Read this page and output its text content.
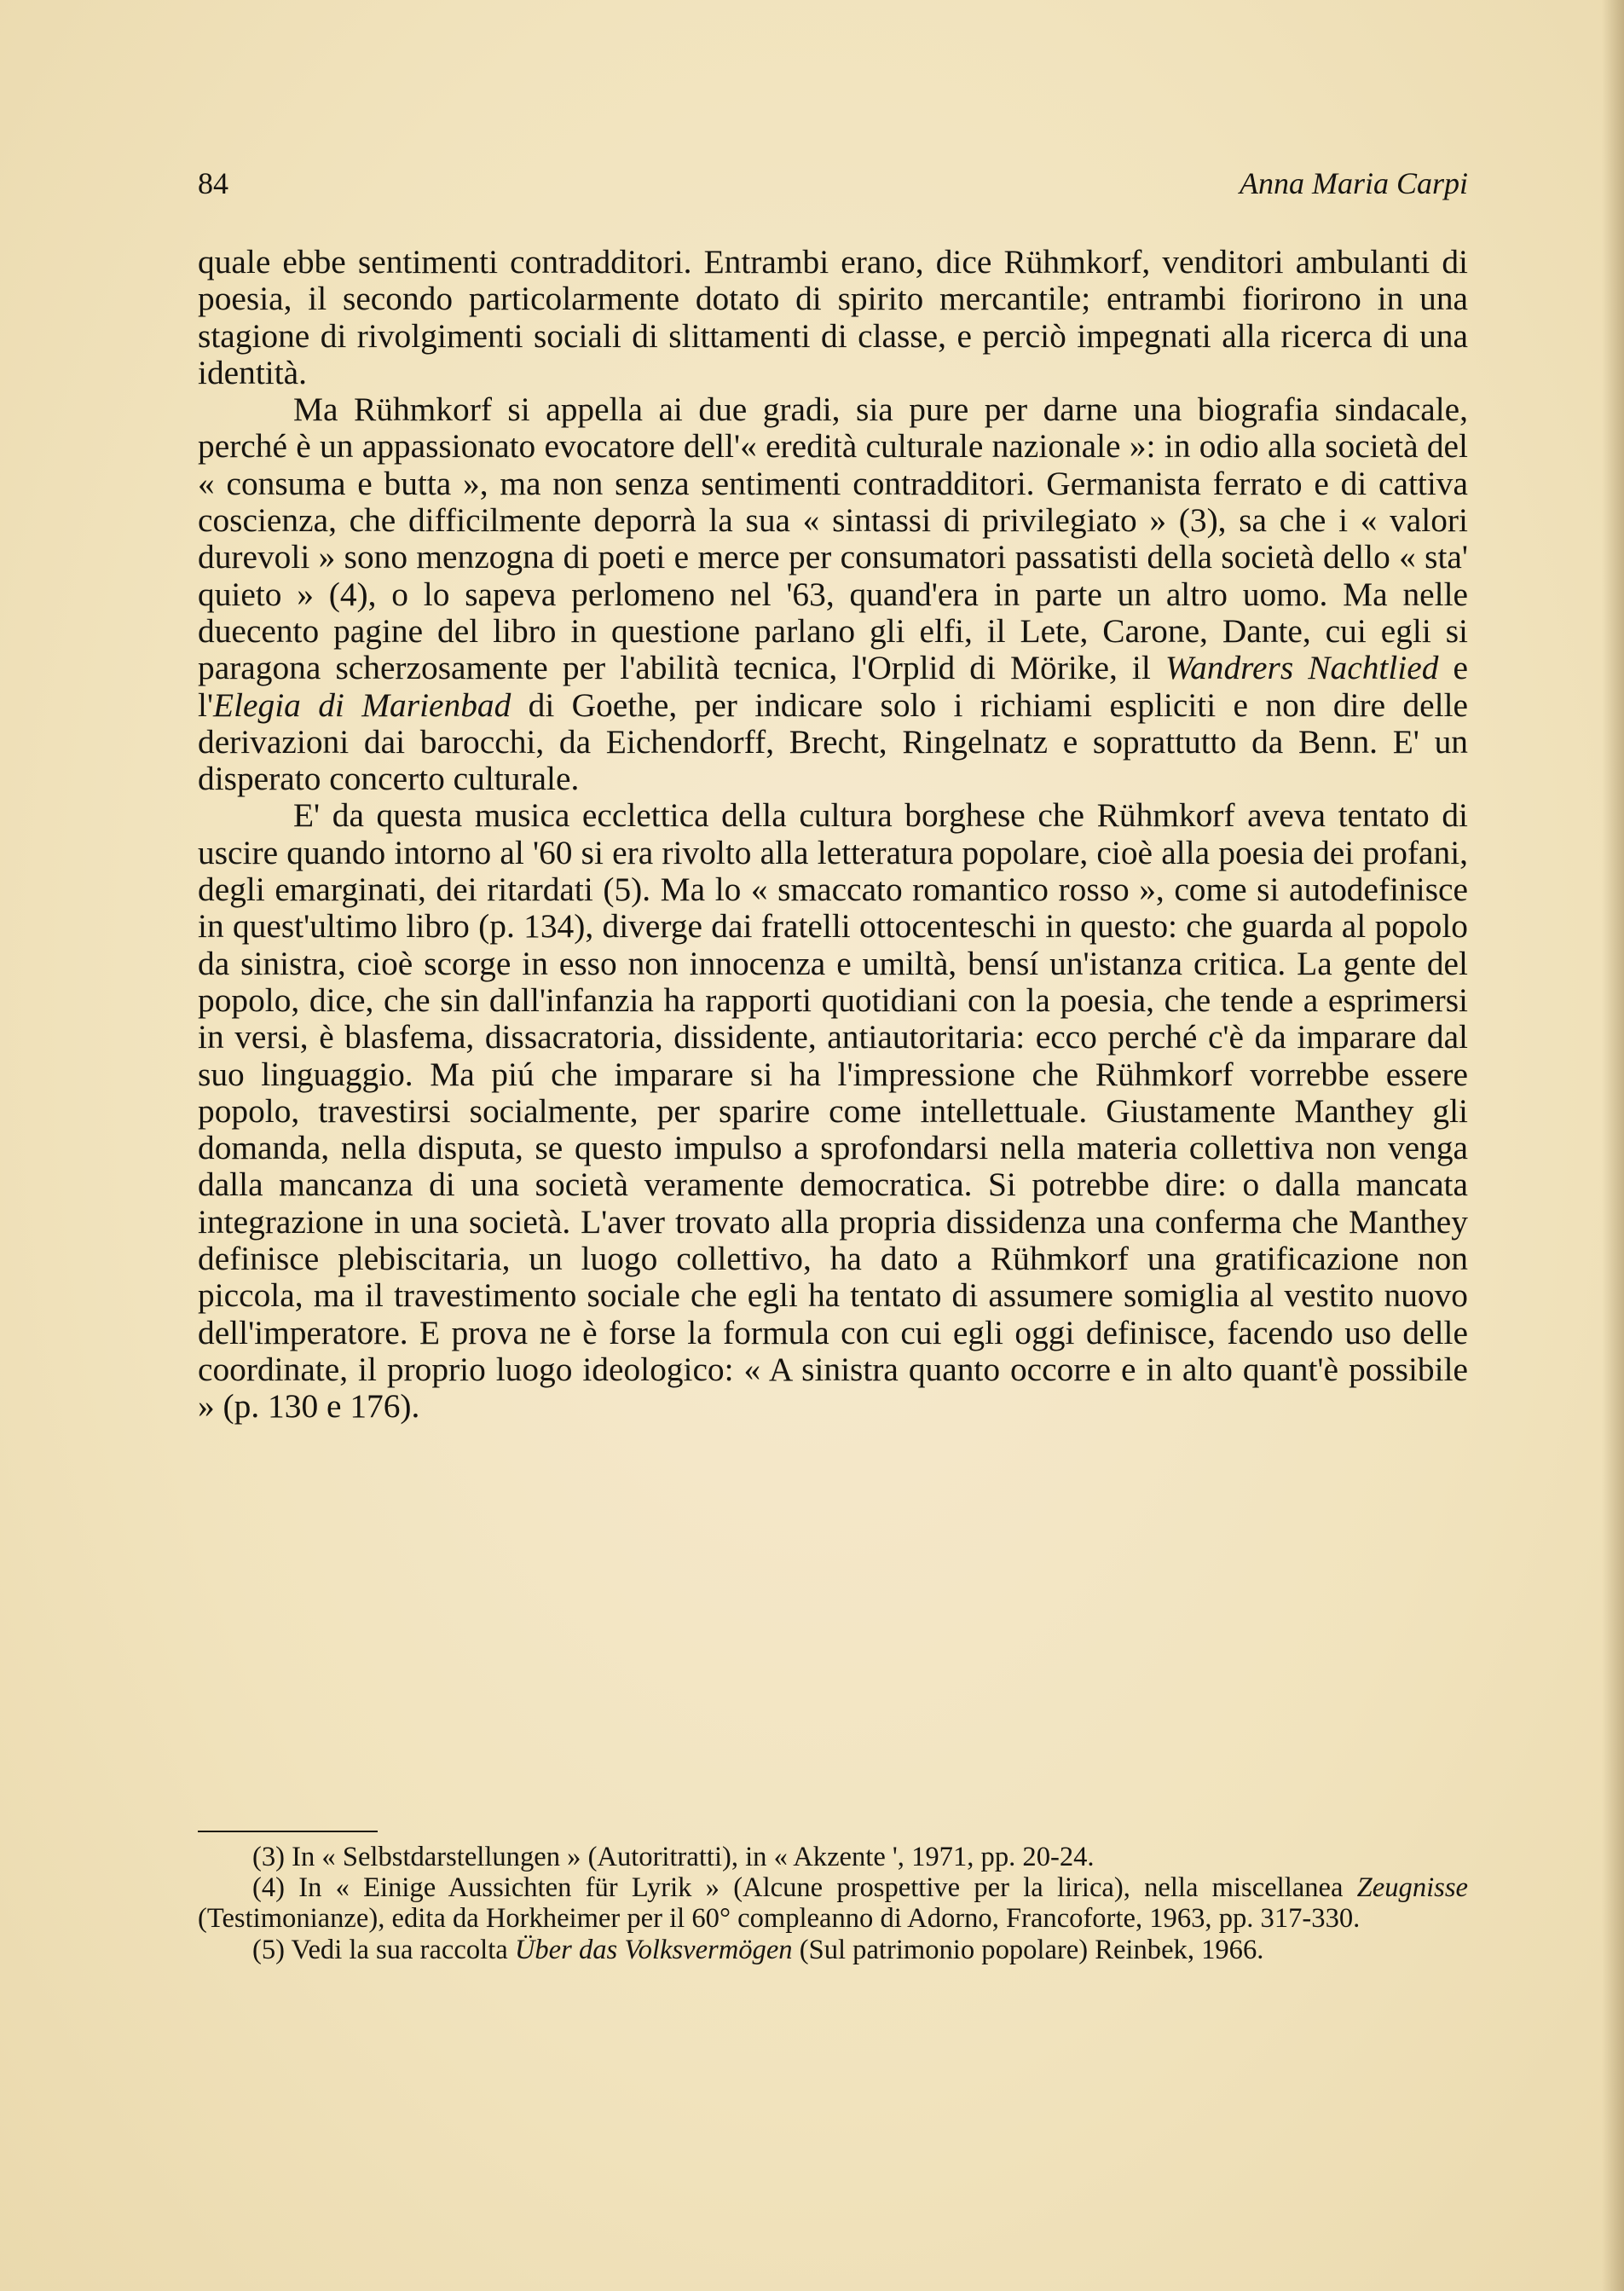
84	Anna Maria Carpi

quale ebbe sentimenti contradditori. Entrambi erano, dice Rühmkorf, venditori ambulanti di poesia, il secondo particolarmente dotato di spirito mercantile; entrambi fiorirono in una stagione di rivolgimenti sociali di slittamenti di classe, e perciò impegnati alla ricerca di una identità.

Ma Rühmkorf si appella ai due gradi, sia pure per darne una biografia sindacale, perché è un appassionato evocatore dell'« eredità culturale nazionale »: in odio alla società del « consuma e butta », ma non senza sentimenti contradditori. Germanista ferrato e di cattiva coscienza, che difficilmente deporrà la sua « sintassi di privilegiato » (3), sa che i « valori durevoli » sono menzogna di poeti e merce per consumatori passatisti della società dello « sta' quieto » (4), o lo sapeva perlomeno nel '63, quand'era in parte un altro uomo. Ma nelle duecento pagine del libro in questione parlano gli elfi, il Lete, Carone, Dante, cui egli si paragona scherzosamente per l'abilità tecnica, l'Orplid di Mörike, il Wandrers Nachtlied e l'Elegia di Marienbad di Goethe, per indicare solo i richiami espliciti e non dire delle derivazioni dai barocchi, da Eichendorff, Brecht, Ringelnatz e soprattutto da Benn. E' un disperato concerto culturale.

E' da questa musica ecclettica della cultura borghese che Rühmkorf aveva tentato di uscire quando intorno al '60 si era rivolto alla letteratura popolare, cioè alla poesia dei profani, degli emarginati, dei ritardati (5). Ma lo « smaccato romantico rosso », come si autodefinisce in quest'ultimo libro (p. 134), diverge dai fratelli ottocenteschi in questo: che guarda al popolo da sinistra, cioè scorge in esso non innocenza e umiltà, bensí un'istanza critica. La gente del popolo, dice, che sin dall'infanzia ha rapporti quotidiani con la poesia, che tende a esprimersi in versi, è blasfema, dissacratoria, dissidente, antiautoritaria: ecco perché c'è da imparare dal suo linguaggio. Ma piú che imparare si ha l'impressione che Rühmkorf vorrebbe essere popolo, travestirsi socialmente, per sparire come intellettuale. Giustamente Manthey gli domanda, nella disputa, se questo impulso a sprofondarsi nella materia collettiva non venga dalla mancanza di una società veramente democratica. Si potrebbe dire: o dalla mancata integrazione in una società. L'aver trovato alla propria dissidenza una conferma che Manthey definisce plebiscitaria, un luogo collettivo, ha dato a Rühmkorf una gratificazione non piccola, ma il travestimento sociale che egli ha tentato di assumere somiglia al vestito nuovo dell'imperatore. E prova ne è forse la formula con cui egli oggi definisce, facendo uso delle coordinate, il proprio luogo ideologico: « A sinistra quanto occorre e in alto quant'è possibile » (p. 130 e 176).

(3) In « Selbstdarstellungen » (Autoritratti), in « Akzente ', 1971, pp. 20-24.

(4) In « Einige Aussichten für Lyrik » (Alcune prospettive per la lirica), nella miscellanea Zeugnisse (Testimonianze), edita da Horkheimer per il 60° compleanno di Adorno, Francoforte, 1963, pp. 317-330.

(5) Vedi la sua raccolta Über das Volksvermögen (Sul patrimonio popolare) Reinbek, 1966.
